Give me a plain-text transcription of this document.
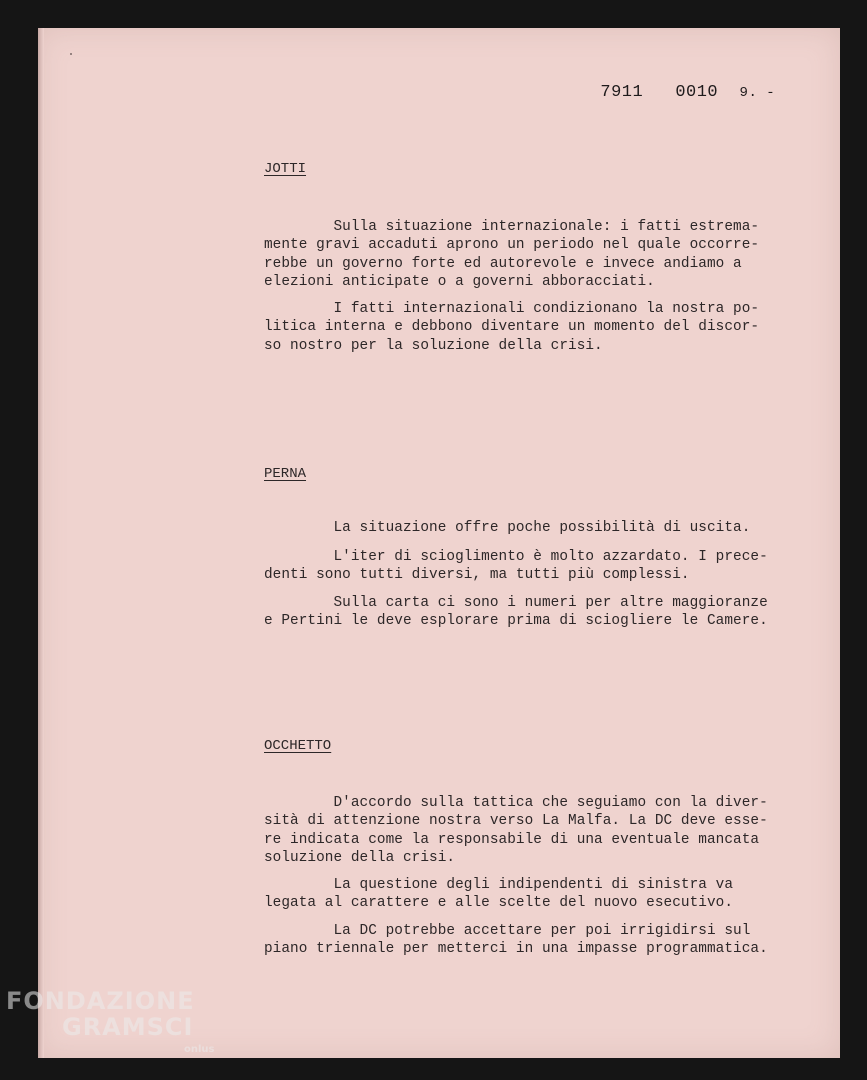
7911 0010 9. -

JOTTI
Sulla situazione internazionale: i fatti estrema-
mente gravi accaduti aprono un periodo nel quale occorre-
rebbe un governo forte ed autorevole e invece andiamo a
elezioni anticipate o a governi abboracciati.
I fatti internazionali condizionano la nostra po-
litica interna e debbono diventare un momento del discor-
so nostro per la soluzione della crisi.
PERNA
La situazione offre poche possibilità di uscita.
L'iter di scioglimento è molto azzardato. I prece-
denti sono tutti diversi, ma tutti più complessi.
Sulla carta ci sono i numeri per altre maggioranze
e Pertini le deve esplorare prima di sciogliere le Camere.
OCCHETTO
D'accordo sulla tattica che seguiamo con la diver-
sità di attenzione nostra verso La Malfa. La DC deve esse-
re indicata come la responsabile di una eventuale mancata
soluzione della crisi.
La questione degli indipendenti di sinistra va
legata al carattere e alle scelte del nuovo esecutivo.
La DC potrebbe accettare per poi irrigidirsi sul
piano triennale per metterci in una impasse programmatica.
FONDAZIONE
GRAMSCI
onlus
